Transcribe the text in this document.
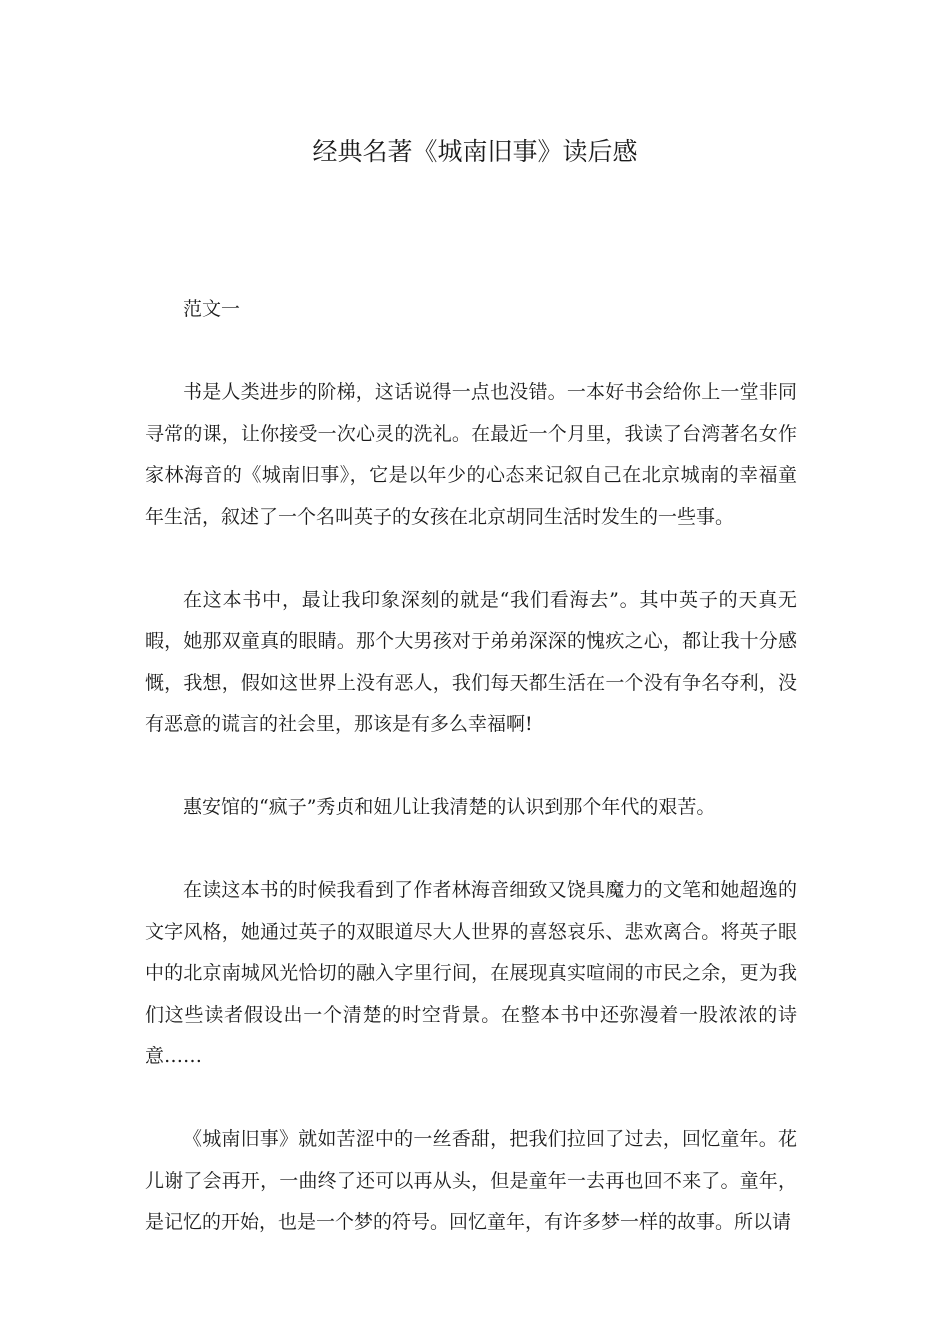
经典名著《城南旧事》读后感

范文一

书是人类进步的阶梯，这话说得一点也没错。一本好书会给你上一堂非同寻常的课，让你接受一次心灵的洗礼。在最近一个月里，我读了台湾著名女作家林海音的《城南旧事》，它是以年少的心态来记叙自己在北京城南的幸福童年生活，叙述了一个名叫英子的女孩在北京胡同生活时发生的一些事。

在这本书中，最让我印象深刻的就是“我们看海去”。其中英子的天真无暇，她那双童真的眼睛。那个大男孩对于弟弟深深的愧疚之心，都让我十分感慨，我想，假如这世界上没有恶人，我们每天都生活在一个没有争名夺利，没有恶意的谎言的社会里，那该是有多么幸福啊!

惠安馆的“疯子”秀贞和妞儿让我清楚的认识到那个年代的艰苦。

在读这本书的时候我看到了作者林海音细致又饶具魔力的文笔和她超逸的文字风格，她通过英子的双眼道尽大人世界的喜怒哀乐、悲欢离合。将英子眼中的北京南城风光恰切的融入字里行间，在展现真实喧闹的市民之余，更为我们这些读者假设出一个清楚的时空背景。在整本书中还弥漫着一股浓浓的诗意……

《城南旧事》就如苦涩中的一丝香甜，把我们拉回了过去，回忆童年。花儿谢了会再开，一曲终了还可以再从头，但是童年一去再也回不来了。童年，是记忆的开始，也是一个梦的符号。回忆童年，有许多梦一样的故事。所以请
